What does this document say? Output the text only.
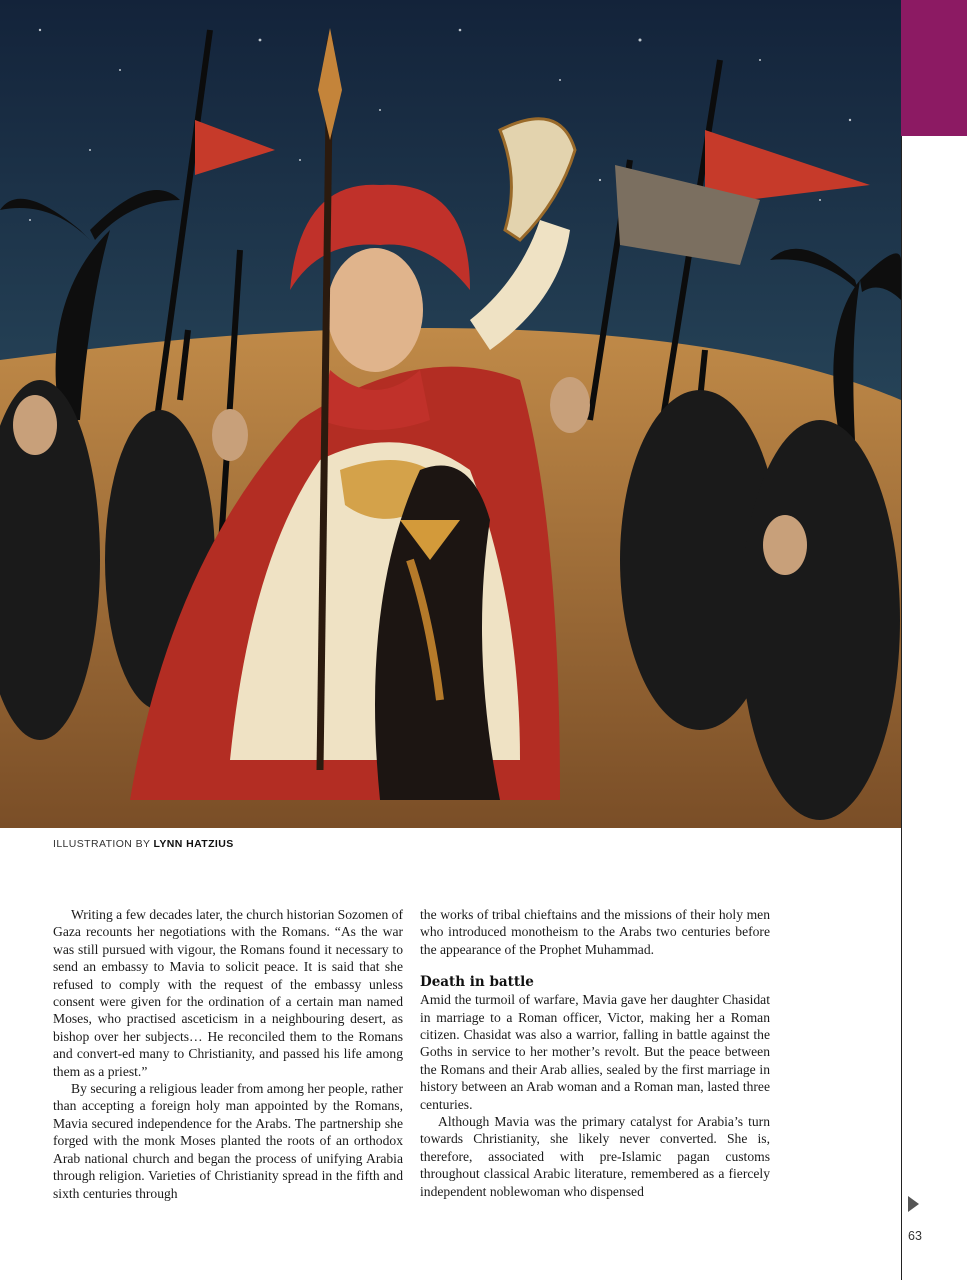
ILLUSTRATION BY LYNN HATZIUS

Writing a few decades later, the church historian Sozomen of Gaza recounts her negotiations with the Romans. “As the war was still pursued with vigour, the Romans found it necessary to send an embassy to Mavia to solicit peace. It is said that she refused to comply with the request of the embassy unless consent were given for the ordination of a certain man named Moses, who practised asceticism in a neighbouring desert, as bishop over her subjects… He reconciled them to the Romans and convert-ed many to Christianity, and passed his life among them as a priest.”

By securing a religious leader from among her people, rather than accepting a foreign holy man appointed by the Romans, Mavia secured independence for the Arabs. The partnership she forged with the monk Moses planted the roots of an orthodox Arab national church and began the process of unifying Arabia through religion. Varieties of Christianity spread in the fifth and sixth centuries through

the works of tribal chieftains and the missions of their holy men who introduced monotheism to the Arabs two centuries before the appearance of the Prophet Muhammad.

Death in battle

Amid the turmoil of warfare, Mavia gave her daughter Chasidat in marriage to a Roman officer, Victor, making her a Roman citizen. Chasidat was also a warrior, falling in battle against the Goths in service to her mother’s revolt. But the peace between the Romans and their Arab allies, sealed by the first marriage in history between an Arab woman and a Roman man, lasted three centuries.

Although Mavia was the primary catalyst for Arabia’s turn towards Christianity, she likely never converted. She is, therefore, associated with pre-Islamic pagan customs throughout classical Arabic literature, remembered as a fiercely independent noblewoman who dispensed

63
